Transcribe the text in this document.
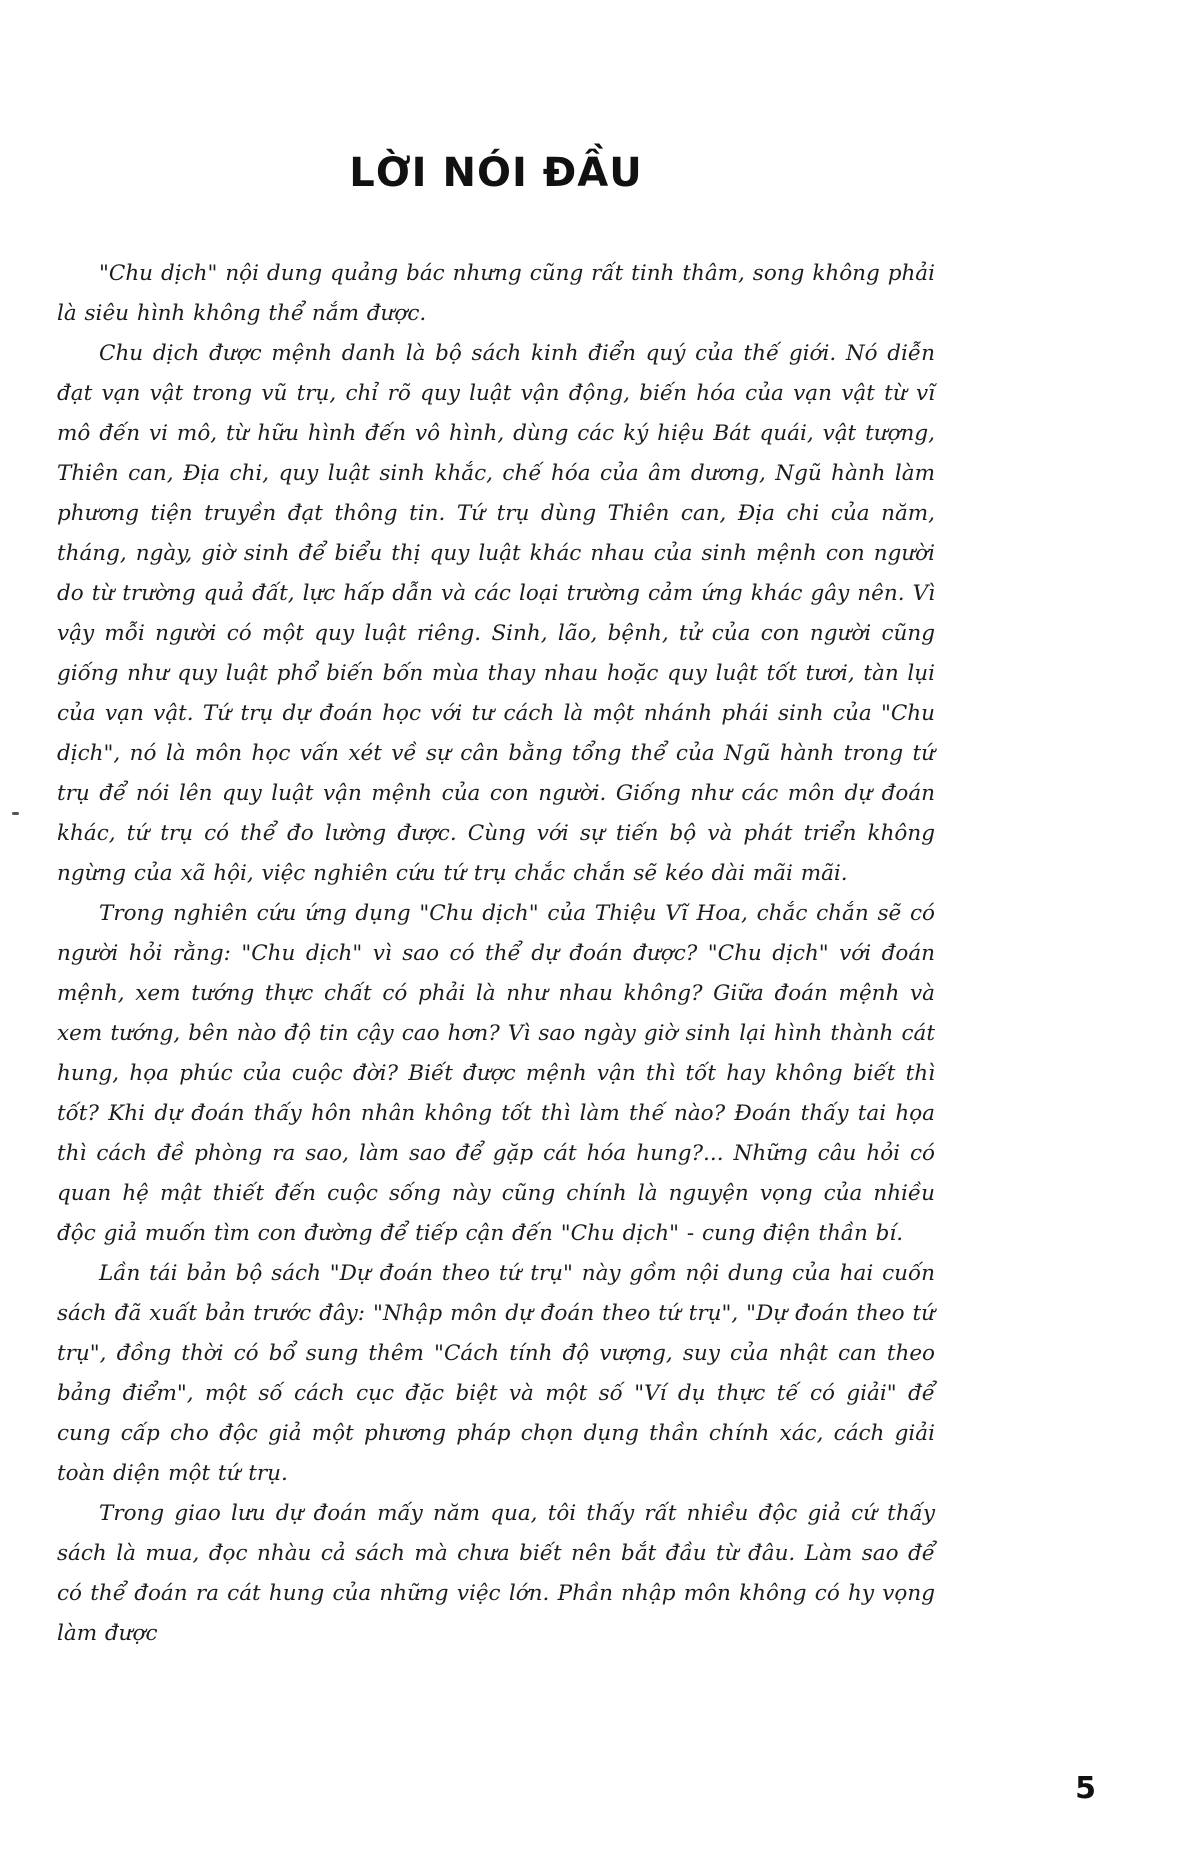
LỜI NÓI ĐẦU

"Chu dịch" nội dung quảng bác nhưng cũng rất tinh thâm, song không phải là siêu hình không thể nắm được.

Chu dịch được mệnh danh là bộ sách kinh điển quý của thế giới. Nó diễn đạt vạn vật trong vũ trụ, chỉ rõ quy luật vận động, biến hóa của vạn vật từ vĩ mô đến vi mô, từ hữu hình đến vô hình, dùng các ký hiệu Bát quái, vật tượng, Thiên can, Địa chi, quy luật sinh khắc, chế hóa của âm dương, Ngũ hành làm phương tiện truyền đạt thông tin. Tứ trụ dùng Thiên can, Địa chi của năm, tháng, ngày, giờ sinh để biểu thị quy luật khác nhau của sinh mệnh con người do từ trường quả đất, lực hấp dẫn và các loại trường cảm ứng khác gây nên. Vì vậy mỗi người có một quy luật riêng. Sinh, lão, bệnh, tử của con người cũng giống như quy luật phổ biến bốn mùa thay nhau hoặc quy luật tốt tươi, tàn lụi của vạn vật. Tứ trụ dự đoán học với tư cách là một nhánh phái sinh của "Chu dịch", nó là môn học vấn xét về sự cân bằng tổng thể của Ngũ hành trong tứ trụ để nói lên quy luật vận mệnh của con người. Giống như các môn dự đoán khác, tứ trụ có thể đo lường được. Cùng với sự tiến bộ và phát triển không ngừng của xã hội, việc nghiên cứu tứ trụ chắc chắn sẽ kéo dài mãi mãi.

Trong nghiên cứu ứng dụng "Chu dịch" của Thiệu Vĩ Hoa, chắc chắn sẽ có người hỏi rằng: "Chu dịch" vì sao có thể dự đoán được? "Chu dịch" với đoán mệnh, xem tướng thực chất có phải là như nhau không? Giữa đoán mệnh và xem tướng, bên nào độ tin cậy cao hơn? Vì sao ngày giờ sinh lại hình thành cát hung, họa phúc của cuộc đời? Biết được mệnh vận thì tốt hay không biết thì tốt? Khi dự đoán thấy hôn nhân không tốt thì làm thế nào? Đoán thấy tai họa thì cách đề phòng ra sao, làm sao để gặp cát hóa hung?... Những câu hỏi có quan hệ mật thiết đến cuộc sống này cũng chính là nguyện vọng của nhiều độc giả muốn tìm con đường để tiếp cận đến "Chu dịch" - cung điện thần bí.

Lần tái bản bộ sách "Dự đoán theo tứ trụ" này gồm nội dung của hai cuốn sách đã xuất bản trước đây: "Nhập môn dự đoán theo tứ trụ", "Dự đoán theo tứ trụ", đồng thời có bổ sung thêm "Cách tính độ vượng, suy của nhật can theo bảng điểm", một số cách cục đặc biệt và một số "Ví dụ thực tế có giải" để cung cấp cho độc giả một phương pháp chọn dụng thần chính xác, cách giải toàn diện một tứ trụ.

Trong giao lưu dự đoán mấy năm qua, tôi thấy rất nhiều độc giả cứ thấy sách là mua, đọc nhàu cả sách mà chưa biết nên bắt đầu từ đâu. Làm sao để có thể đoán ra cát hung của những việc lớn. Phần nhập môn không có hy vọng làm được

5
